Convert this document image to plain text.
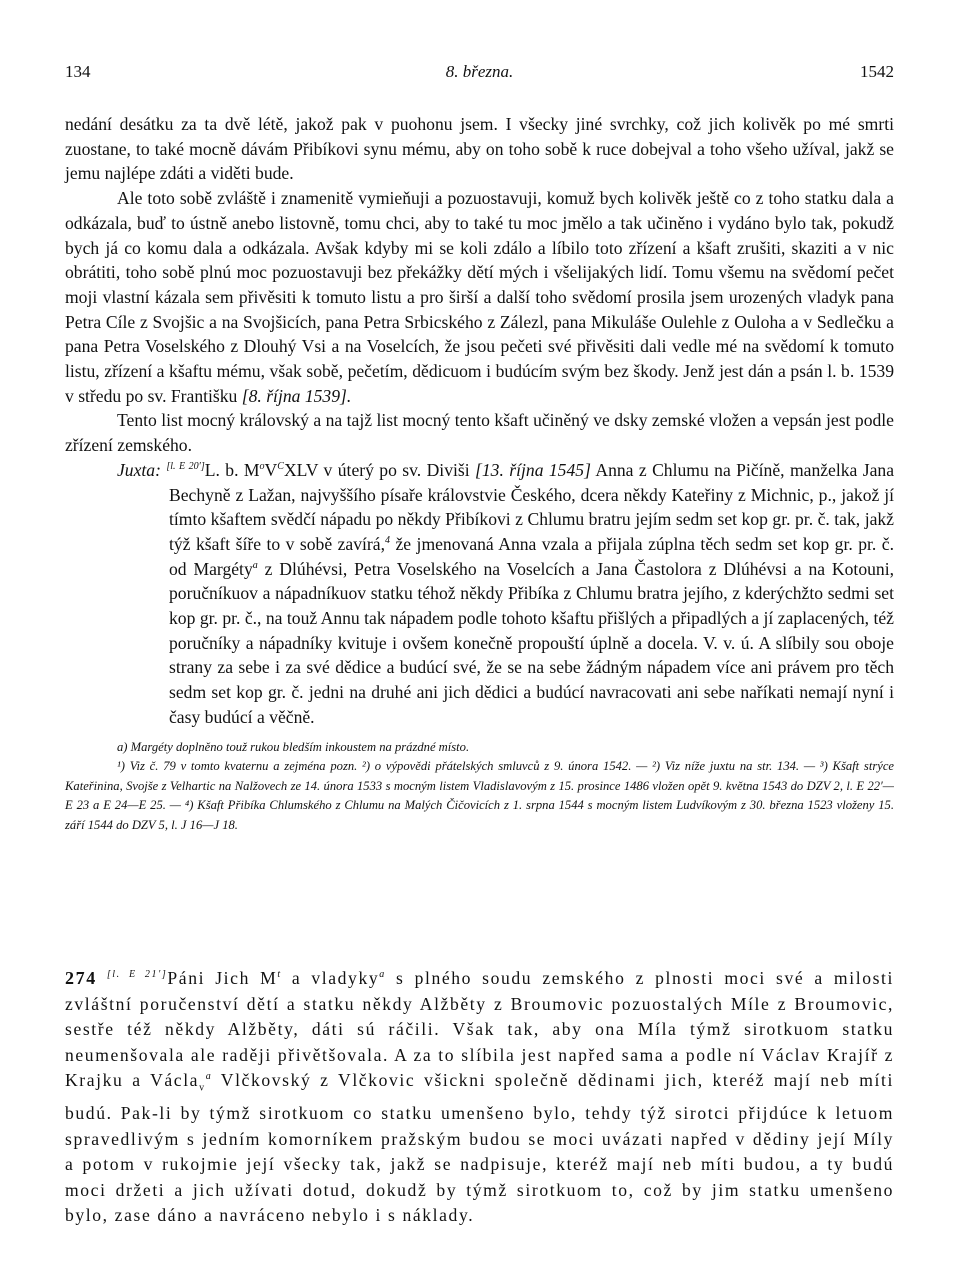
134	8. března.	1542

nedání desátku za ta dvě létě, jakož pak v puohonu jsem. I všecky jiné svrchky, což jich kolivěk po mé smrti zuostane, to také mocně dávám Přibíkovi synu mému, aby on toho sobě k ruce dobejval a toho všeho užíval, jakž se jemu najlépe zdáti a viděti bude.

Ale toto sobě zvláště i znamenitě vymieňuji a pozuostavuji, komuž bych kolivěk ještě co z toho statku dala a odkázala, buď to ústně anebo listovně, tomu chci, aby to také tu moc jmělo a tak učiněno i vydáno bylo tak, pokudž bych já co komu dala a odkázala. Avšak kdyby mi se koli zdálo a líbilo toto zřízení a kšaft zrušiti, skaziti a v nic obrátiti, toho sobě plnú moc pozuostavuji bez překážky dětí mých i všelijakých lidí. Tomu všemu na svědomí pečet moji vlastní kázala sem přivěsiti k tomuto listu a pro širší a další toho svědomí prosila jsem urozených vladyk pana Petra Cíle z Svojšic a na Svojšicích, pana Petra Srbicského z Zálezl, pana Mikuláše Oulehle z Ouloha a v Sedlečku a pana Petra Voselského z Dlouhý Vsi a na Voselcích, že jsou pečeti své přivěsiti dali vedle mé na svědomí k tomuto listu, zřízení a kšaftu mému, však sobě, pečetím, dědicuom i budúcím svým bez škody. Jenž jest dán a psán l. b. 1539 v středu po sv. Františku [8. října 1539].

Tento list mocný královský a na tajž list mocný tento kšaft učiněný ve dsky zemské vložen a vepsán jest podle zřízení zemského.

Juxta: [l. E 20′]L. b. $M^oV^CXLV$ v úterý po sv. Diviši [13. října 1545] Anna z Chlumu na Pičíně, manželka Jana Bechyně z Lažan, najvyššího písaře královstvie Českého, dcera někdy Kateřiny z Michnic, p., jakož jí tímto kšaftem svědčí nápadu po někdy Přibíkovi z Chlumu bratru jejím sedm set kop gr. pr. č. tak, jakž týž kšaft šíře to v sobě zavírá,$^4$ že jmenovaná Anna vzala a přijala zúplna těch sedm set kop gr. pr. č. od Margéty$^a$ z Dlúhévsi, Petra Voselského na Voselcích a Jana Častolora z Dlúhévsi a na Kotouni, poručníkuov a nápadníkuov statku téhož někdy Přibíka z Chlumu bratra jejího, z kderýchžto sedmi set kop gr. pr. č., na touž Annu tak nápadem podle tohoto kšaftu přišlých a připadlých a jí zaplacených, též poručníky a nápadníky kvituje i ovšem konečně propouští úplně a docela. V. v. ú. A slíbily sou oboje strany za sebe i za své dědice a budúcí své, že se na sebe žádným nápadem více ani právem pro těch sedm set kop gr. č. jedni na druhé ani jich dědici a budúcí navracovati ani sebe naříkati nemají nyní i časy budúcí a věčně.

a) Margéty doplněno touž rukou bledším inkoustem na prázdné místo.

¹) Viz č. 79 v tomto kvaternu a zejména pozn. ²) o výpovědi přátelských smluvců z 9. února 1542. — ²) Viz níže juxtu na str. 134. — ³) Kšaft strýce Kateřinina, Svojše z Velhartic na Nalžovech ze 14. února 1533 s mocným listem Vladislavovým z 15. prosince 1486 vložen opět 9. května 1543 do DZV 2, l. E 22′—E 23 a E 24—E 25. — ⁴) Kšaft Přibíka Chlumského z Chlumu na Malých Čičovicích z 1. srpna 1544 s mocným listem Ludvíkovým z 30. března 1523 vloženy 15. září 1544 do DZV 5, l. J 16—J 18.

274 [l. E 21′]Páni Jich $M^t$ a vladyky$^a$ s plného soudu zemského z plnosti moci své a milosti zvláštní poručenství dětí a statku někdy Alžběty z Broumovic pozuostalých Míle z Broumovic, sestře též někdy Alžběty, dáti sú ráčili. Však tak, aby ona Míla týmž sirotkuom statku neumenšovala ale raději přivětšovala. A za to slíbila jest napřed sama a podle ní Václav Krajíř z Krajku a Václa$_v^a$ Vlčkovský z Vlčkovic všickni společně dědinami jich, kteréž mají neb míti budú. Pak-li by týmž sirotkuom co statku umenšeno bylo, tehdy týž sirotci přijdúce k letuom spravedlivým s jedním komorníkem pražským budou se moci uvázati napřed v dědiny její Míly a potom v rukojmie její všecky tak, jakž se nadpisuje, kteréž mají neb míti budou, a ty budú moci držeti a jich užívati dotud, dokudž by týmž sirotkuom to, což by jim statku umenšeno bylo, zase dáno a navráceno nebylo i s náklady.
